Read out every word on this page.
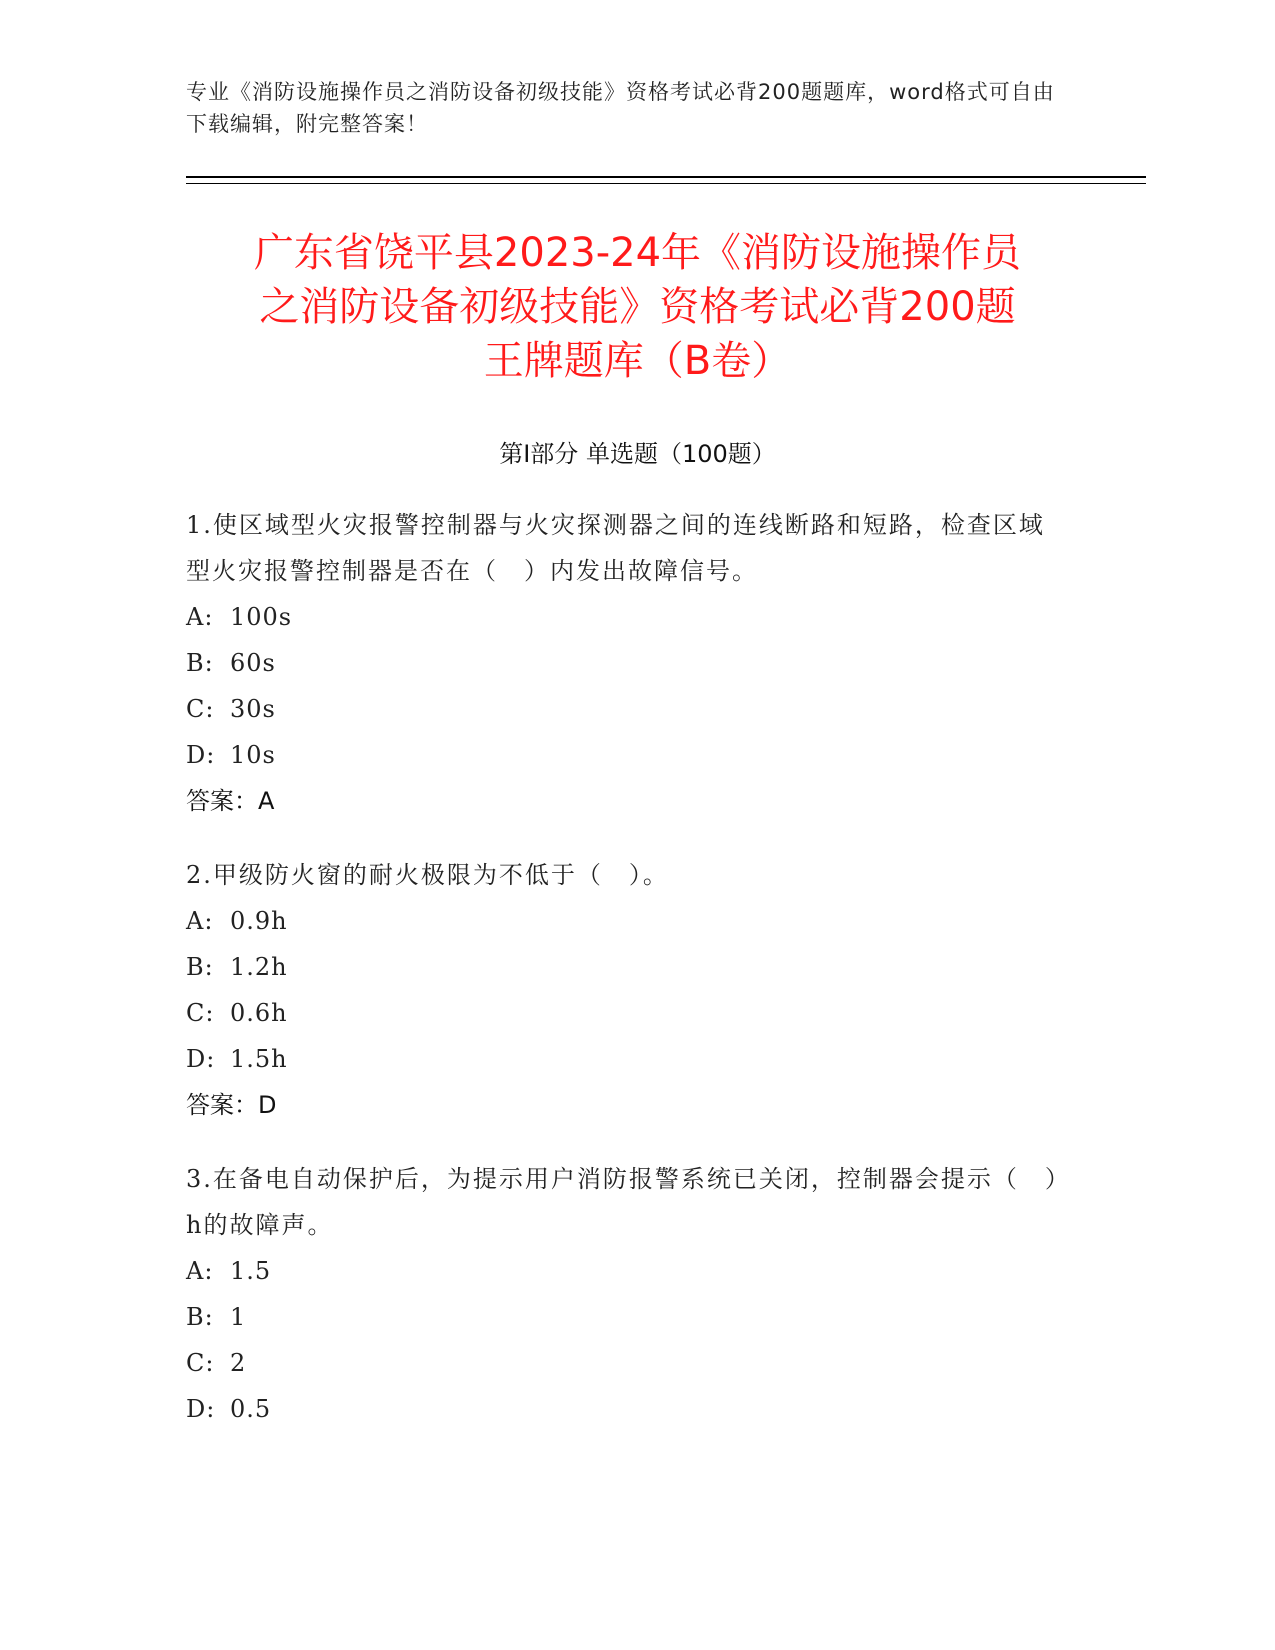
专业《消防设施操作员之消防设备初级技能》资格考试必背200题题库，word格式可自由下载编辑，附完整答案！
广东省饶平县2023-24年《消防设施操作员
之消防设备初级技能》资格考试必背200题
王牌题库（B卷）
第Ⅰ部分 单选题（100题）
1.使区域型火灾报警控制器与火灾探测器之间的连线断路和短路，检查区域型火灾报警控制器是否在（　）内发出故障信号。
A: 100s
B: 60s
C: 30s
D: 10s
答案：A
2.甲级防火窗的耐火极限为不低于（　）。
A: 0.9h
B: 1.2h
C: 0.6h
D: 1.5h
答案：D
3.在备电自动保护后，为提示用户消防报警系统已关闭，控制器会提示（　）h的故障声。
A: 1.5
B: 1
C: 2
D: 0.5
